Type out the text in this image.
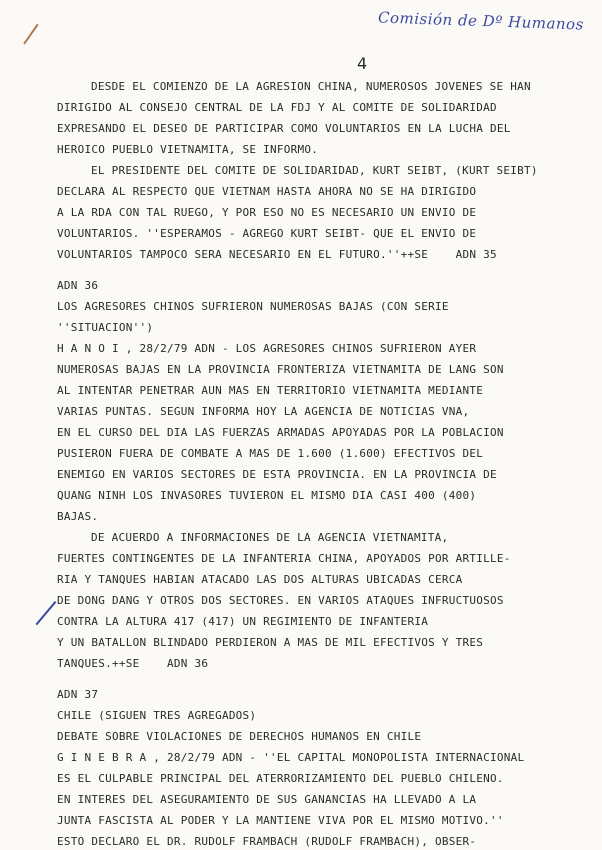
Comisión de Dº Humanos
4
DESDE EL COMIENZO DE LA AGRESION CHINA, NUMEROSOS JOVENES SE HAN
DIRIGIDO AL CONSEJO CENTRAL DE LA FDJ Y AL COMITE DE SOLIDARIDAD
EXPRESANDO EL DESEO DE PARTICIPAR COMO VOLUNTARIOS EN LA LUCHA DEL
HEROICO PUEBLO VIETNAMITA, SE INFORMO.
EL PRESIDENTE DEL COMITE DE SOLIDARIDAD, KURT SEIBT, (KURT SEIBT)
DECLARA AL RESPECTO QUE VIETNAM HASTA AHORA NO SE HA DIRIGIDO
A LA RDA CON TAL RUEGO, Y POR ESO NO ES NECESARIO UN ENVIO DE
VOLUNTARIOS. ''ESPERAMOS - AGREGO KURT SEIBT- QUE EL ENVIO DE
VOLUNTARIOS TAMPOCO SERA NECESARIO EN EL FUTURO.''++SE    ADN 35
ADN 36
LOS AGRESORES CHINOS SUFRIERON NUMEROSAS BAJAS (CON SERIE
''SITUACION'')
H A N O I , 28/2/79 ADN - LOS AGRESORES CHINOS SUFRIERON AYER
NUMEROSAS BAJAS EN LA PROVINCIA FRONTERIZA VIETNAMITA DE LANG SON
AL INTENTAR PENETRAR AUN MAS EN TERRITORIO VIETNAMITA MEDIANTE
VARIAS PUNTAS. SEGUN INFORMA HOY LA AGENCIA DE NOTICIAS VNA,
EN EL CURSO DEL DIA LAS FUERZAS ARMADAS APOYADAS POR LA POBLACION
PUSIERON FUERA DE COMBATE A MAS DE 1.600 (1.600) EFECTIVOS DEL
ENEMIGO EN VARIOS SECTORES DE ESTA PROVINCIA. EN LA PROVINCIA DE
QUANG NINH LOS INVASORES TUVIERON EL MISMO DIA CASI 400 (400)
BAJAS.
DE ACUERDO A INFORMACIONES DE LA AGENCIA VIETNAMITA,
FUERTES CONTINGENTES DE LA INFANTERIA CHINA, APOYADOS POR ARTILLE-
RIA Y TANQUES HABIAN ATACADO LAS DOS ALTURAS UBICADAS CERCA
DE DONG DANG Y OTROS DOS SECTORES. EN VARIOS ATAQUES INFRUCTUOSOS
CONTRA LA ALTURA 417 (417) UN REGIMIENTO DE INFANTERIA
Y UN BATALLON BLINDADO PERDIERON A MAS DE MIL EFECTIVOS Y TRES
TANQUES.++SE    ADN 36
ADN 37
CHILE (SIGUEN TRES AGREGADOS)
DEBATE SOBRE VIOLACIONES DE DERECHOS HUMANOS EN CHILE
G I N E B R A , 28/2/79 ADN - ''EL CAPITAL MONOPOLISTA INTERNACIONAL
ES EL CULPABLE PRINCIPAL DEL ATERRORIZAMIENTO DEL PUEBLO CHILENO.
EN INTERES DEL ASEGURAMIENTO DE SUS GANANCIAS HA LLEVADO A LA
JUNTA FASCISTA AL PODER Y LA MANTIENE VIVA POR EL MISMO MOTIVO.''
ESTO DECLARO EL DR. RUDOLF FRAMBACH (RUDOLF FRAMBACH), OBSER-
